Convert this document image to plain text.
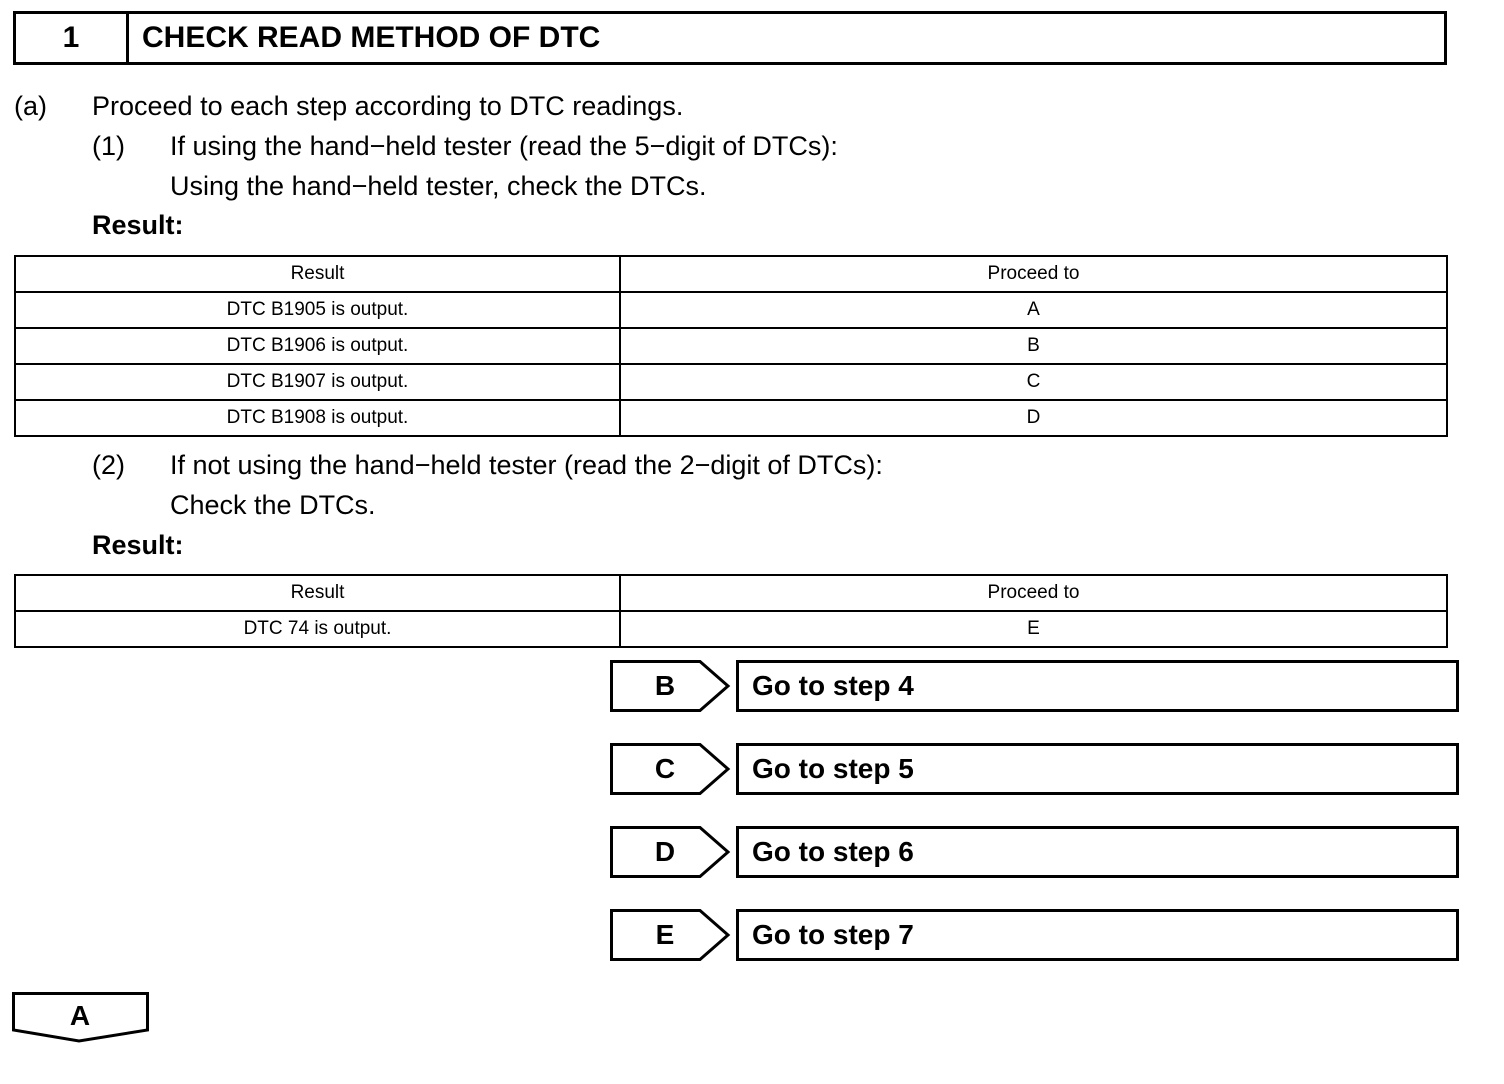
1	CHECK READ METHOD OF DTC
(a) Proceed to each step according to DTC readings.
(1) If using the hand−held tester (read the 5−digit of DTCs):
Using the hand−held tester, check the DTCs.
Result:
Result	Proceed to
DTC B1905 is output.	A
DTC B1906 is output.	B
DTC B1907 is output.	C
DTC B1908 is output.	D
(2) If not using the hand−held tester (read the 2−digit of DTCs):
Check the DTCs.
Result:
Result	Proceed to
DTC 74 is output.	E
B	Go to step 4
C	Go to step 5
D	Go to step 6
E	Go to step 7
A
